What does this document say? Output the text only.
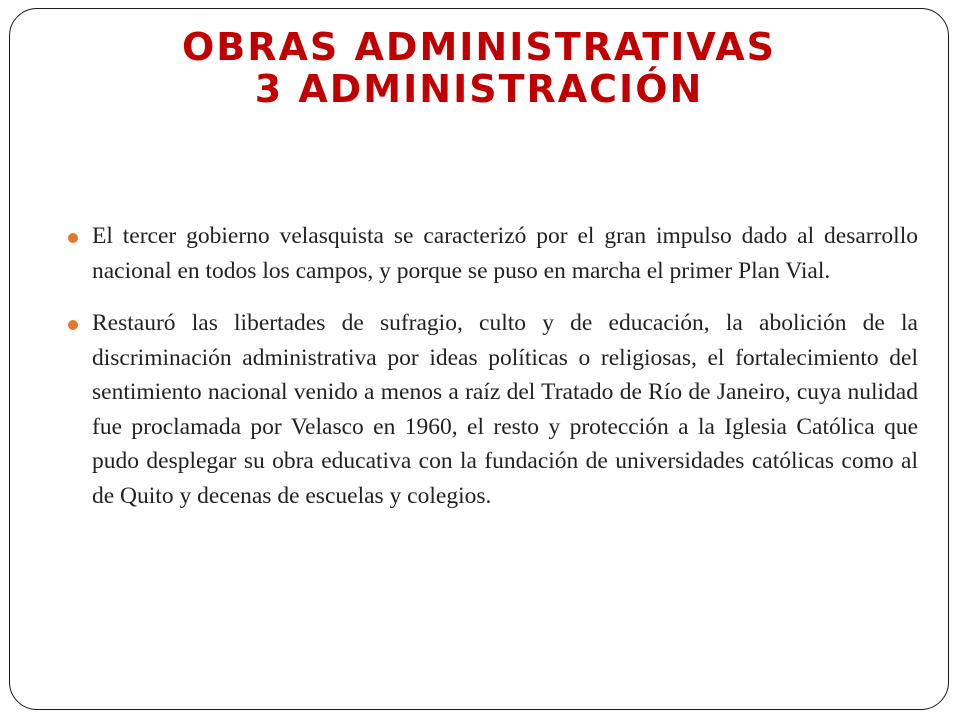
OBRAS ADMINISTRATIVAS
3 ADMINISTRACIÓN
El tercer gobierno velasquista se caracterizó por el gran impulso dado al desarrollo nacional en todos los campos, y porque se puso en marcha el primer Plan Vial.
Restauró las libertades de sufragio, culto y de educación, la abolición de la discriminación administrativa por ideas políticas o religiosas, el fortalecimiento del sentimiento nacional venido a menos a raíz del Tratado de Río de Janeiro, cuya nulidad fue proclamada por Velasco en 1960, el resto y protección a la Iglesia Católica que pudo desplegar su obra educativa con la fundación de universidades católicas como al de Quito y decenas de escuelas y colegios.
